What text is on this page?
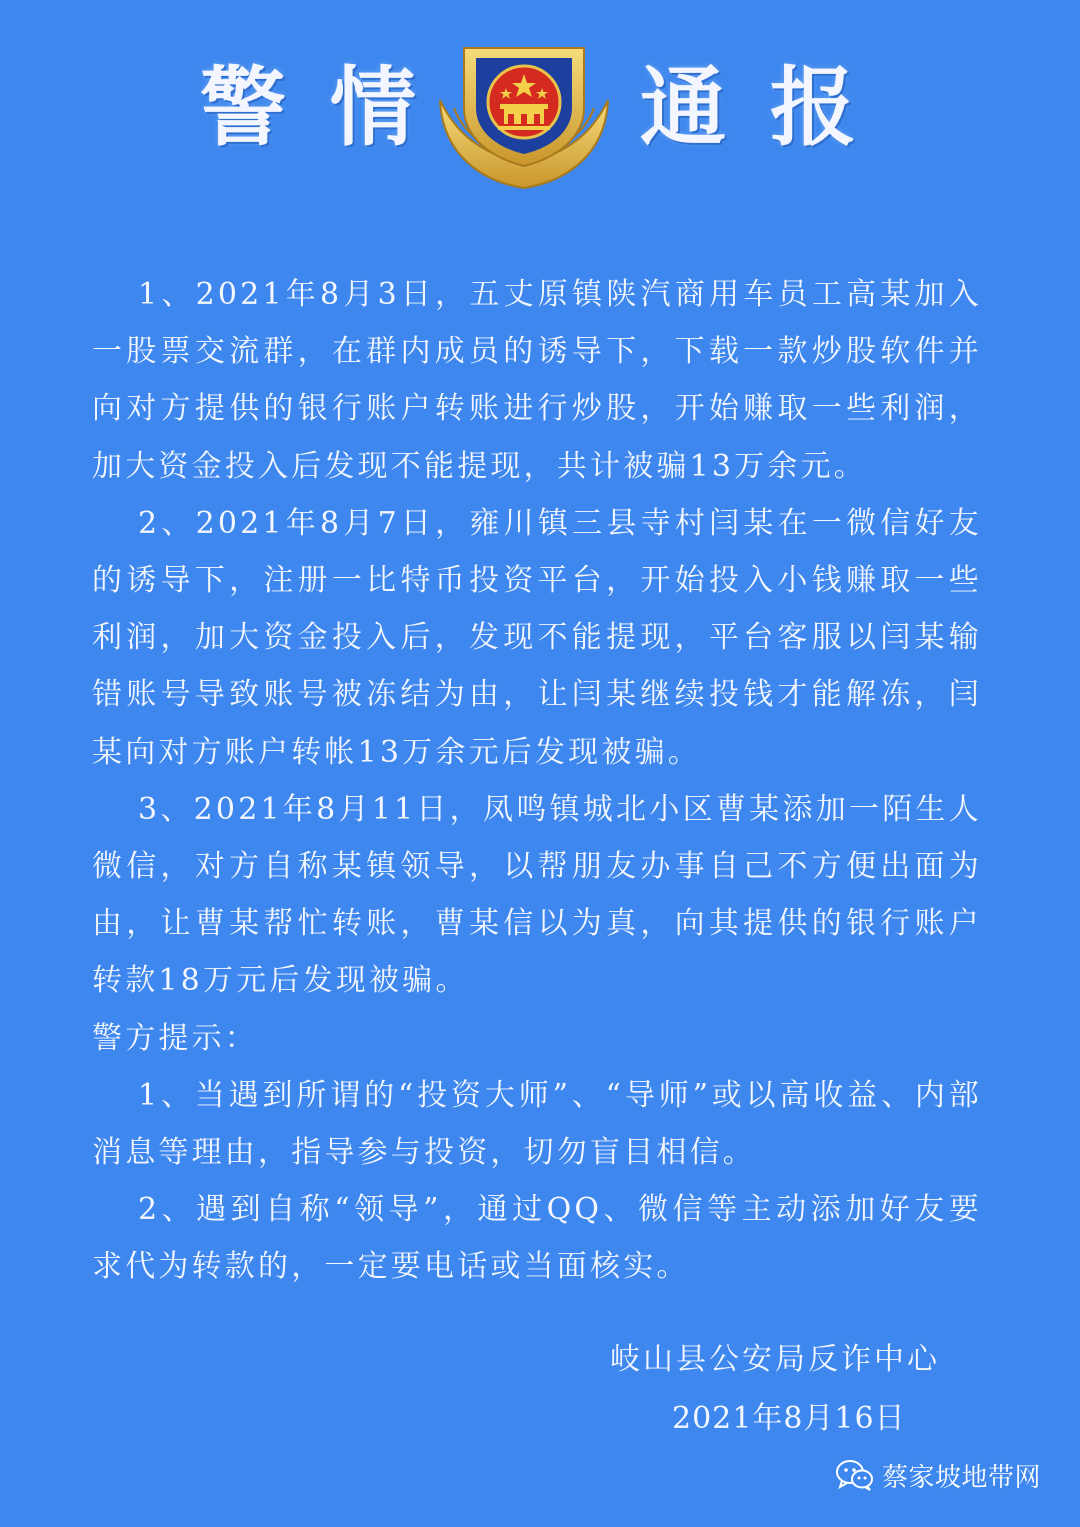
警 情	通 报

1、2021年8月3日，五丈原镇陕汽商用车员工高某加入一股票交流群，在群内成员的诱导下，下载一款炒股软件并向对方提供的银行账户转账进行炒股，开始赚取一些利润，加大资金投入后发现不能提现，共计被骗13万余元。

2、2021年8月7日，雍川镇三县寺村闫某在一微信好友的诱导下，注册一比特币投资平台，开始投入小钱赚取一些利润，加大资金投入后，发现不能提现，平台客服以闫某输错账号导致账号被冻结为由，让闫某继续投钱才能解冻，闫某向对方账户转帐13万余元后发现被骗。

3、2021年8月11日，凤鸣镇城北小区曹某添加一陌生人微信，对方自称某镇领导，以帮朋友办事自己不方便出面为由，让曹某帮忙转账，曹某信以为真，向其提供的银行账户转款18万元后发现被骗。

警方提示：

1、当遇到所谓的“投资大师”、“导师”或以高收益、内部消息等理由，指导参与投资，切勿盲目相信。

2、遇到自称“领导”，通过QQ、微信等主动添加好友要求代为转款的，一定要电话或当面核实。

岐山县公安局反诈中心
2021年8月16日
蔡家坡地带网
